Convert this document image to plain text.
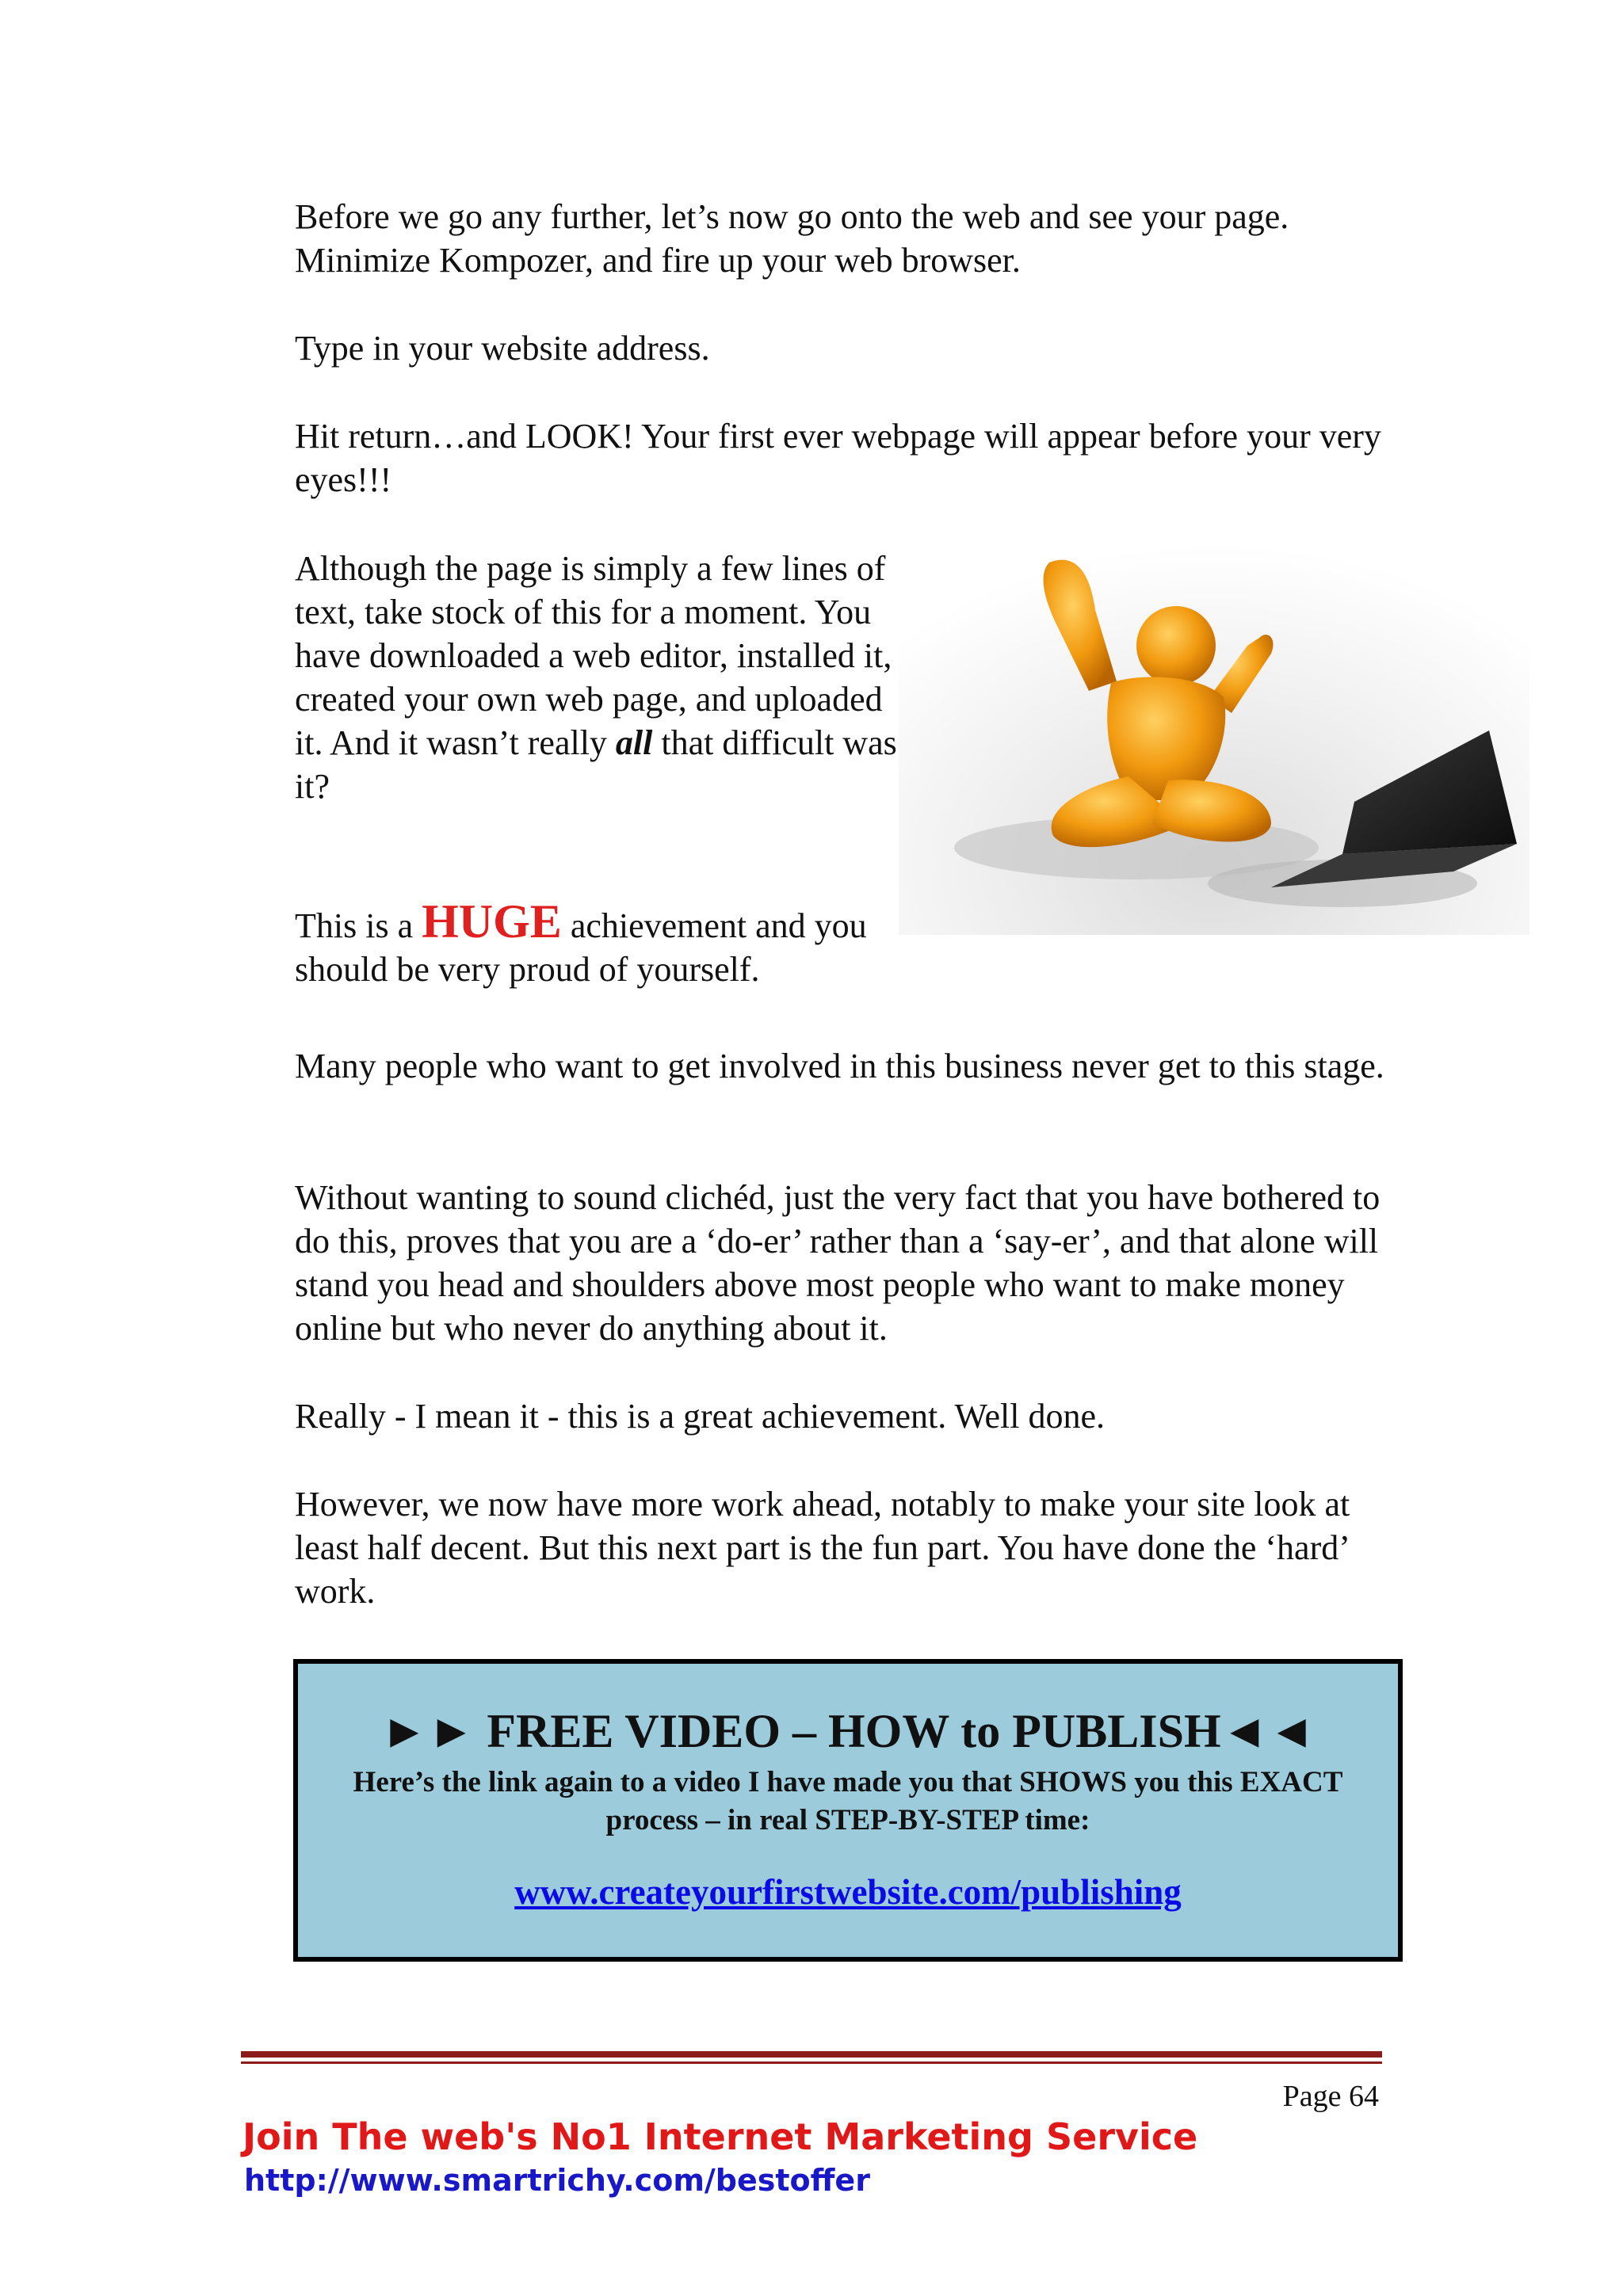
Before we go any further, let’s now go onto the web and see your page. Minimize Kompozer, and fire up your web browser.

Type in your website address.

Hit return…and LOOK! Your first ever webpage will appear before your very eyes!!!

Although the page is simply a few lines of text, take stock of this for a moment. You have downloaded a web editor, installed it, created your own web page, and uploaded it. And it wasn’t really all that difficult was it?

This is a HUGE achievement and you should be very proud of yourself.

Many people who want to get involved in this business never get to this stage.

Without wanting to sound clichéd, just the very fact that you have bothered to do this, proves that you are a ‘do-er’ rather than a ‘say-er’, and that alone will stand you head and shoulders above most people who want to make money online but who never do anything about it.

Really - I mean it - this is a great achievement. Well done.

However, we now have more work ahead, notably to make your site look at least half decent. But this next part is the fun part. You have done the ‘hard’ work.

►► FREE VIDEO – HOW to PUBLISH◄◄
Here’s the link again to a video I have made you that SHOWS you this EXACT process – in real STEP-BY-STEP time:
www.createyourfirstwebsite.com/publishing
Page 64
Join The web's No1 Internet Marketing Service
http://www.smartrichy.com/bestoffer
